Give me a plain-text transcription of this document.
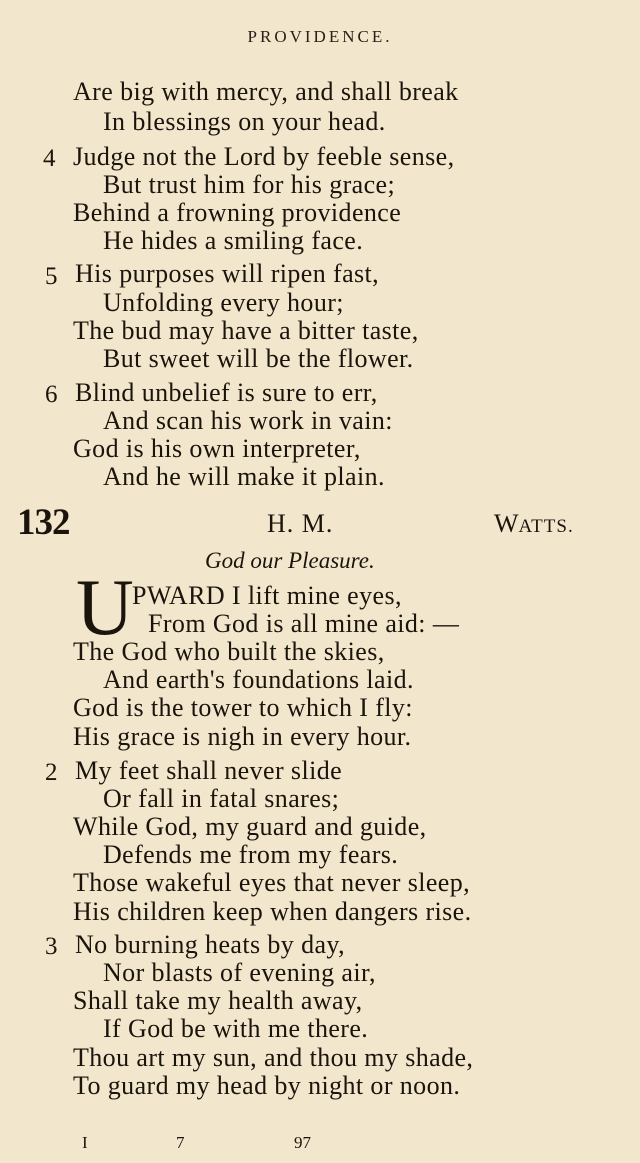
PROVIDENCE.
Are big with mercy, and shall break
In blessings on your head.
4 Judge not the Lord by feeble sense,
But trust him for his grace;
Behind a frowning providence
He hides a smiling face.
5 His purposes will ripen fast,
Unfolding every hour;
The bud may have a bitter taste,
But sweet will be the flower.
6 Blind unbelief is sure to err,
And scan his work in vain:
God is his own interpreter,
And he will make it plain.
132	H. M.	WATTS.
God our Pleasure.
U
PWARD I lift mine eyes,
From God is all mine aid: —
The God who built the skies,
And earth's foundations laid.
God is the tower to which I fly:
His grace is nigh in every hour.
2 My feet shall never slide
Or fall in fatal snares;
While God, my guard and guide,
Defends me from my fears.
Those wakeful eyes that never sleep,
His children keep when dangers rise.
3 No burning heats by day,
Nor blasts of evening air,
Shall take my health away,
If God be with me there.
Thou art my sun, and thou my shade,
To guard my head by night or noon.
I	7	97
